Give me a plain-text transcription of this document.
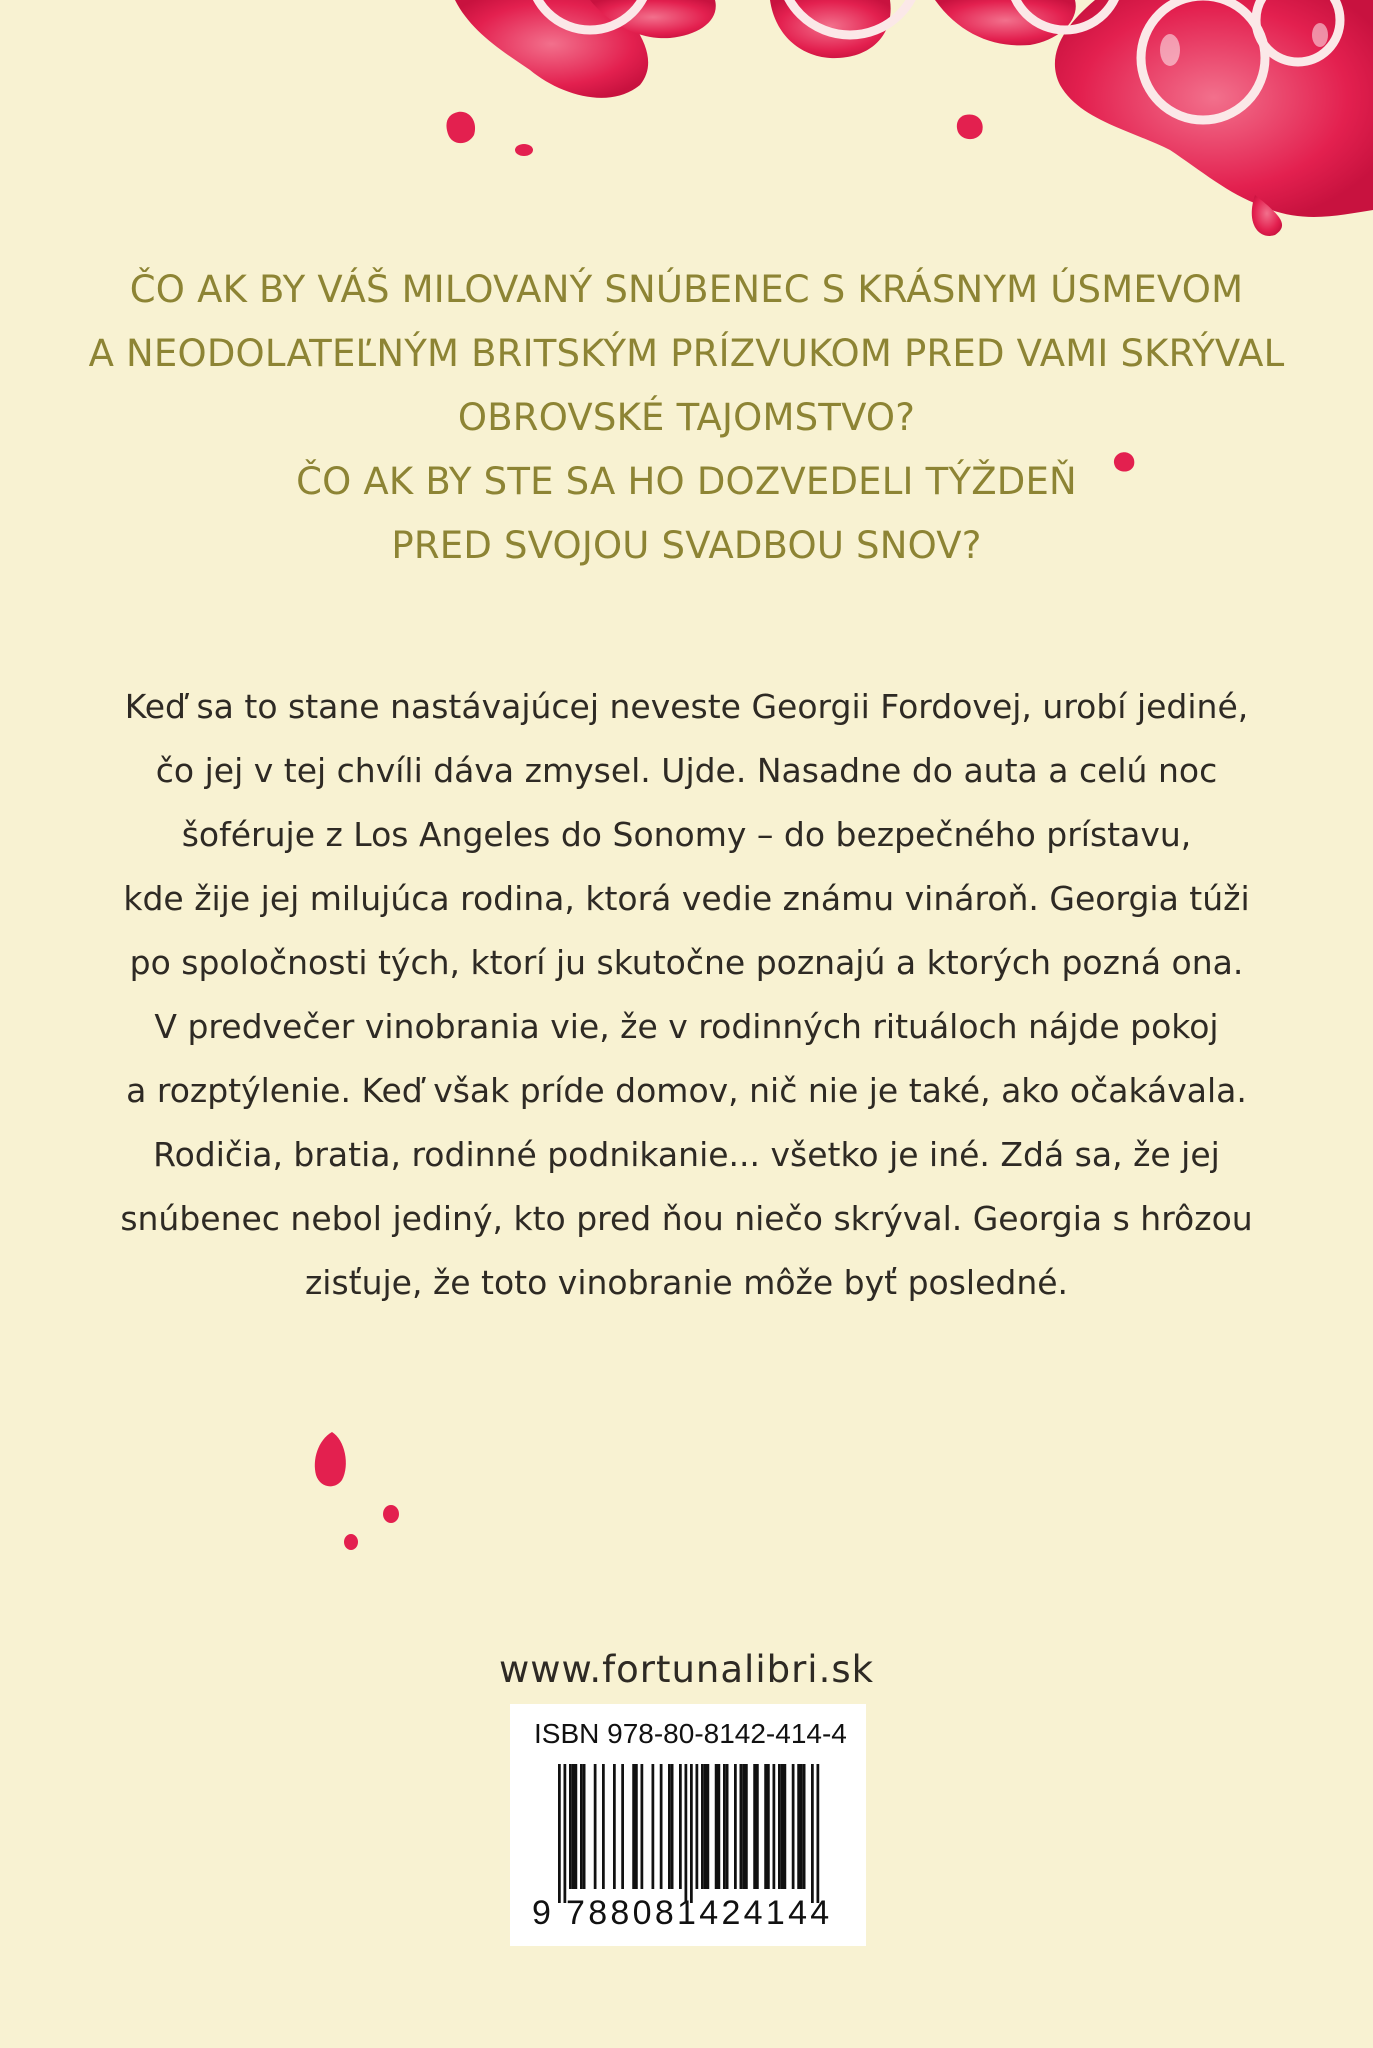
ČO AK BY VÁŠ MILOVANÝ SNÚBENEC S KRÁSNYM ÚSMEVOM
A NEODOLATEĽNÝM BRITSKÝM PRÍZVUKOM PRED VAMI SKRÝVAL
OBROVSKÉ TAJOMSTVO?
ČO AK BY STE SA HO DOZVEDELI TÝŽDEŇ
PRED SVOJOU SVADBOU SNOV?
Keď sa to stane nastávajúcej neveste Georgii Fordovej, urobí jediné,
čo jej v tej chvíli dáva zmysel. Ujde. Nasadne do auta a celú noc
šoféruje z Los Angeles do Sonomy – do bezpečného prístavu,
kde žije jej milujúca rodina, ktorá vedie známu vinároň. Georgia túži
po spoločnosti tých, ktorí ju skutočne poznajú a ktorých pozná ona.
V predvečer vinobrania vie, že v rodinných rituáloch nájde pokoj
a rozptýlenie. Keď však príde domov, nič nie je také, ako očakávala.
Rodičia, bratia, rodinné podnikanie... všetko je iné. Zdá sa, že jej
snúbenec nebol jediný, kto pred ňou niečo skrýval. Georgia s hrôzou
zisťuje, že toto vinobranie môže byť posledné.
www.fortunalibri.sk
ISBN 978-80-8142-414-4
9 788081424144
